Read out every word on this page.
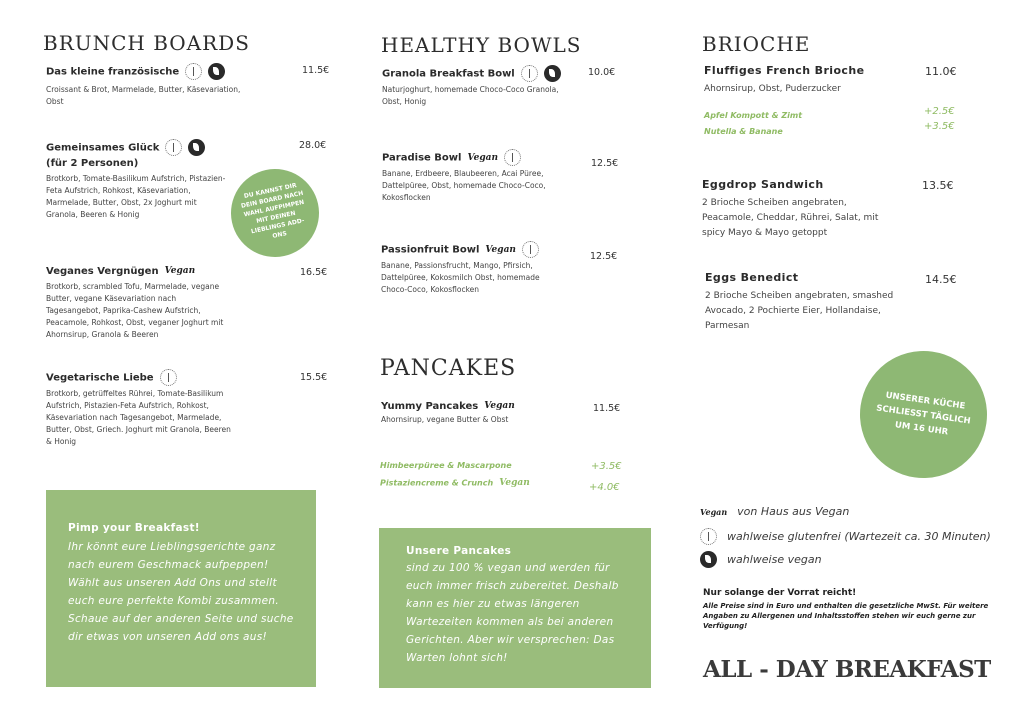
BRUNCH BOARDS
Das kleine französische
Croissant & Brot, Marmelade, Butter, Käsevariation, Obst
11.5€
Gemeinsames Glück
(für 2 Personen)
Brotkorb, Tomate-Basilikum Aufstrich, Pistazien-Feta Aufstrich, Rohkost, Käsevariation, Marmelade, Butter, Obst, 2x Joghurt mit Granola, Beeren & Honig
28.0€
DU KANNST DIR DEIN BOARD NACH WAHL AUFPIMPEN MIT DEINEN LIEBLINGS ADD- ONS
Veganes Vergnügen Vegan
Brotkorb, scrambled Tofu, Marmelade, vegane Butter, vegane Käsevariation nach Tagesangebot, Paprika-Cashew Aufstrich, Peacamole, Rohkost, Obst, veganer Joghurt mit Ahornsirup, Granola & Beeren
16.5€
Vegetarische Liebe
Brotkorb, getrüffeltes Rührei, Tomate-Basilikum Aufstrich, Pistazien-Feta Aufstrich, Rohkost, Käsevariation nach Tagesangebot, Marmelade, Butter, Obst, Griech. Joghurt mit Granola, Beeren & Honig
15.5€
Pimp your Breakfast!
Ihr könnt eure Lieblingsgerichte ganz nach eurem Geschmack aufpeppen! Wählt aus unseren Add Ons und stellt euch eure perfekte Kombi zusammen. Schaue auf der anderen Seite und suche dir etwas von unseren Add ons aus!
HEALTHY BOWLS
Granola Breakfast Bowl
Naturjoghurt, homemade Choco-Coco Granola, Obst, Honig
10.0€
Paradise Bowl Vegan
Banane, Erdbeere, Blaubeeren, Acai Püree, Dattelpüree, Obst, homemade Choco-Coco, Kokosflocken
12.5€
Passionfruit Bowl Vegan
Banane, Passionsfrucht, Mango, Pfirsich, Dattelpüree, Kokosmilch Obst, homemade Choco-Coco, Kokosflocken
12.5€
PANCAKES
Yummy Pancakes Vegan
Ahornsirup, vegane Butter & Obst
11.5€
Himbeerpüree & Mascarpone	+3.5€
Pistaziencreme & Crunch Vegan	+4.0€
Unsere Pancakes
sind zu 100 % vegan und werden für euch immer frisch zubereitet. Deshalb kann es hier zu etwas längeren Wartezeiten kommen als bei anderen Gerichten. Aber wir versprechen: Das Warten lohnt sich!
BRIOCHE
Fluffiges French Brioche
Ahornsirup, Obst, Puderzucker
11.0€
Apfel Kompott & Zimt	+2.5€
Nutella & Banane	+3.5€
Eggdrop Sandwich
2 Brioche Scheiben angebraten, Peacamole, Cheddar, Rührei, Salat, mit spicy Mayo & Mayo getoppt
13.5€
Eggs Benedict
2 Brioche Scheiben angebraten, smashed Avocado, 2 Pochierte Eier, Hollandaise, Parmesan
14.5€
UNSERER KÜCHE SCHLIESST TÄGLICH UM 16 UHR
Vegan von Haus aus Vegan
wahlweise glutenfrei (Wartezeit ca. 30 Minuten)
wahlweise vegan
Nur solange der Vorrat reicht!
Alle Preise sind in Euro und enthalten die gesetzliche MwSt. Für weitere Angaben zu Allergenen und Inhaltsstoffen stehen wir euch gerne zur Verfügung!
ALL - DAY BREAKFAST
